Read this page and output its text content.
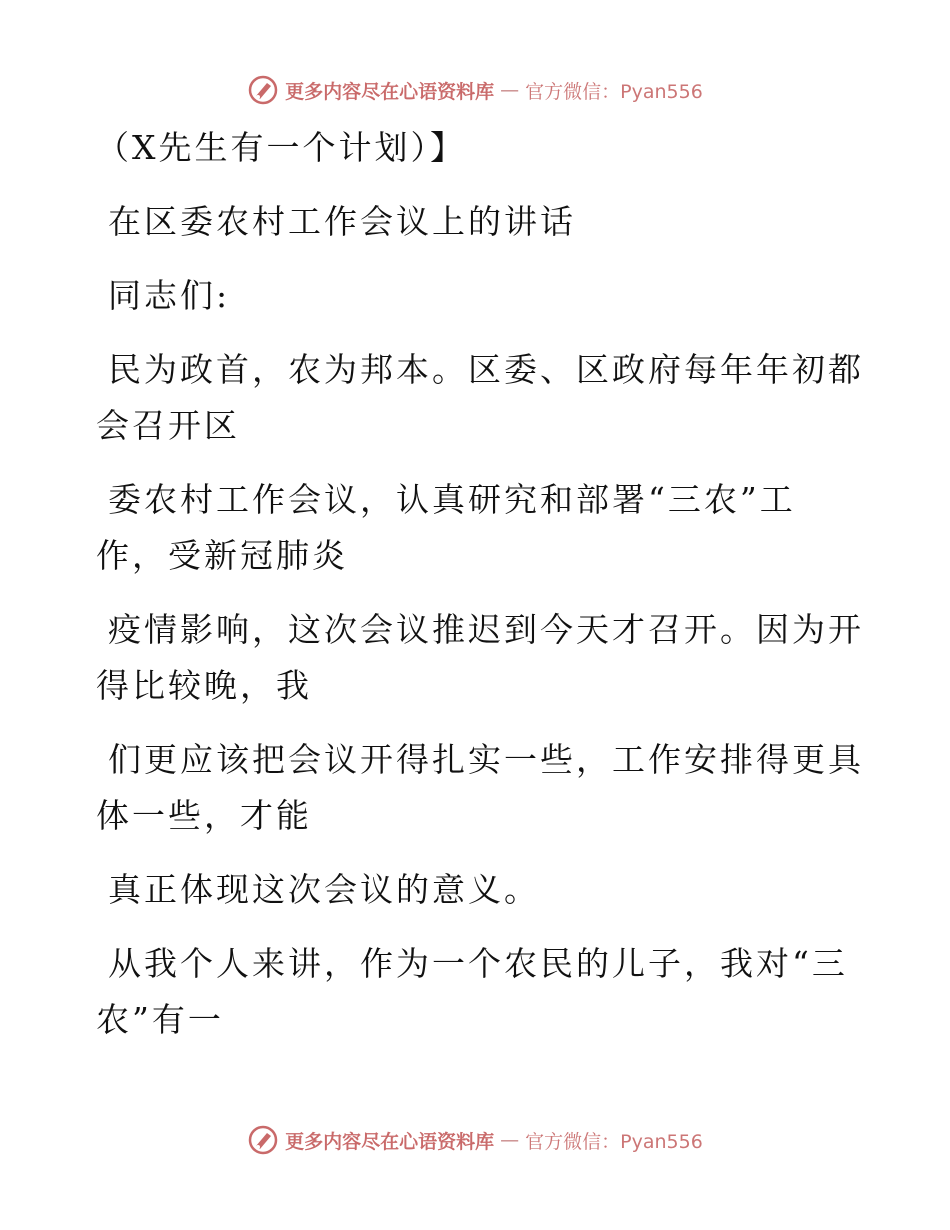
更多内容尽在心语资料库 — 官方微信：Pyan556

（X先生有一个计划）】

在区委农村工作会议上的讲话

同志们:

民为政首，农为邦本。区委、区政府每年年初都
会召开区

委农村工作会议，认真研究和部署“三农”工
作，受新冠肺炎

疫情影响，这次会议推迟到今天才召开。因为开
得比较晚，我

们更应该把会议开得扎实一些，工作安排得更具
体一些，才能

真正体现这次会议的意义。

从我个人来讲，作为一个农民的儿子，我对“三
农”有一

更多内容尽在心语资料库 — 官方微信：Pyan556
